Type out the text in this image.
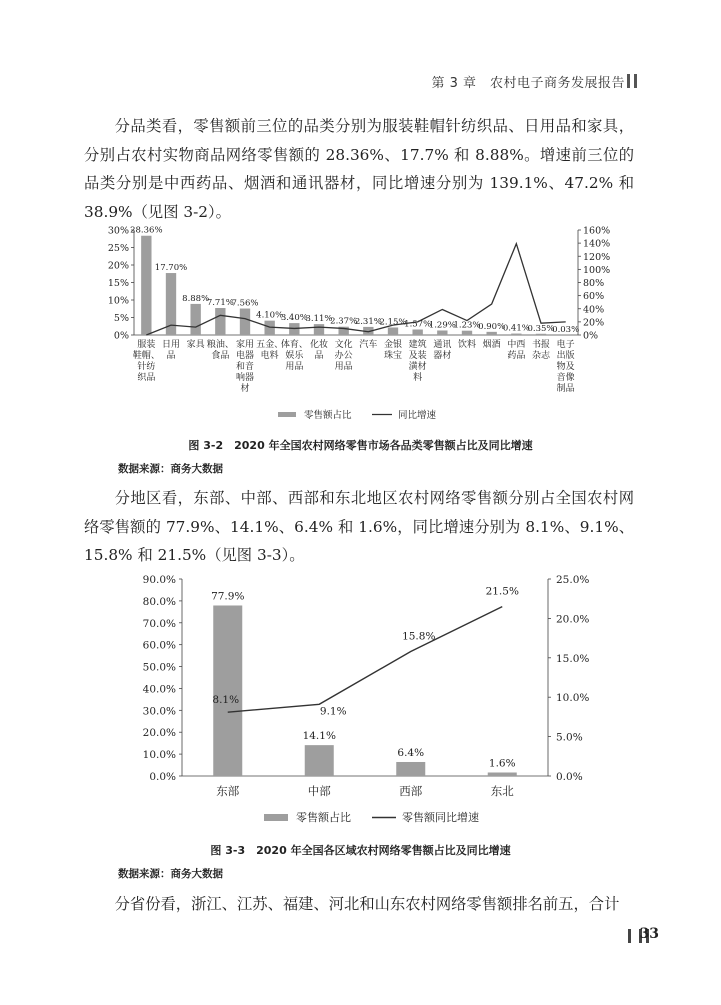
第 3 章　农村电子商务发展报告

分品类看，零售额前三位的品类分别为服装鞋帽针纺织品、日用品和家具，分别占农村实物商品网络零售额的 28.36%、17.7% 和 8.88%。增速前三位的品类分别是中西药品、烟酒和通讯器材，同比增速分别为 139.1%、47.2% 和 38.9%（见图 3-2）。

0%
5%
10%
15%
20%
25%
30%
0%
20%
40%
60%
80%
100%
120%
140%
160%
28.36%
17.70%
8.88%
7.71%
7.56%
4.10%
3.40%
3.11%
2.37%
2.31%
2.15%
1.57%
1.29%
1.23%
0.90%
0.41%
0.35%
0.03%
服装鞋帽、针纺织品
日用品
家具 粮油、食品
家用电器和音响器材
五金、电料
体育、娱乐用品
化妆品
文化办公用品
汽车 金银珠宝
建筑及装潢材料
通讯器材
饮料 烟酒 中西药品
书报杂志
电子出版物及音像制品
零售额占比	同比增速
图 3-2　2020 年全国农村网络零售市场各品类零售额占比及同比增速
数据来源：商务大数据

分地区看，东部、中部、西部和东北地区农村网络零售额分别占全国农村网络零售额的 77.9%、14.1%、6.4% 和 1.6%，同比增速分别为 8.1%、9.1%、15.8% 和 21.5%（见图 3-3）。

0.0%
10.0%
20.0%
30.0%
40.0%
50.0%
60.0%
70.0%
80.0%
90.0%
0.0%
5.0%
10.0%
15.0%
20.0%
25.0%
77.9%
东部
14.1%
中部
6.4%
西部
1.6%
东北
8.1%
9.1%
15.8%
21.5%
零售额占比	零售额同比增速
图 3-3　2020 年全国各区域农村网络零售额占比及同比增速
数据来源：商务大数据

分省份看，浙江、江苏、福建、河北和山东农村网络零售额排名前五，合计

33
